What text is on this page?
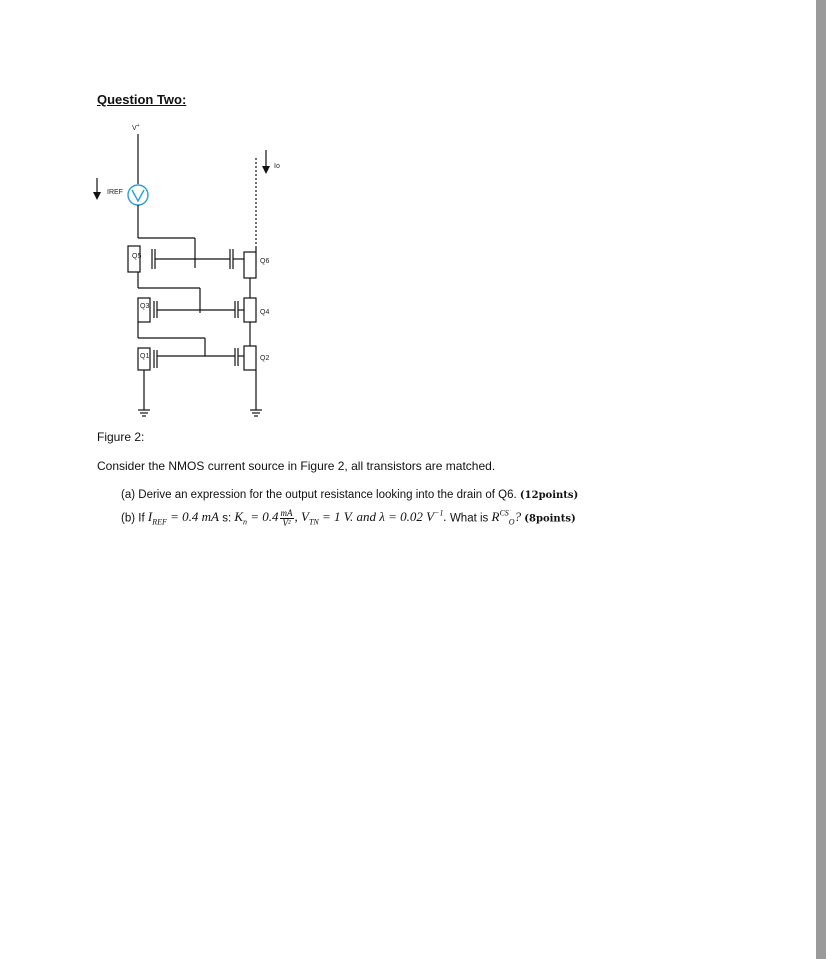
Question Two:
V+
IREF
Io
Q5
Q3
Q1
Q6
Q4
Q2
Figure 2:
Consider the NMOS current source in Figure 2, all transistors are matched.
(a) Derive an expression for the output resistance looking into the drain of Q6. (12points)
(b) If $I_{REF} = 0.4$ mA s: $K_n = 0.4 \frac{mA}{\text{V²}}$ , $V_{TN} = 1$ V. and λ = 0.02 $V^{-1}$. What is $R^{CS}_O$? (8points)
